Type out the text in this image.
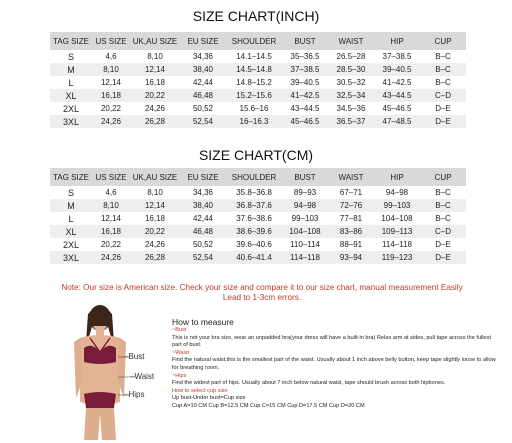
SIZE CHART(INCH)
TAG SIZE	US SIZE	UK,AU SIZE	EU SIZE	SHOULDER	BUST	WAIST	HIP	CUP
S	4,6	8,10	34,36	14.1–14.5	35–36.5	26.5–28	37–38.5	B–C
M	8,10	12,14	38,40	14.5–14.8	37–38.5	28.5–30	39–40.5	B–C
L	12,14	16,18	42,44	14.8–15.2	39–40.5	30.5–32	41–42.5	B–C
XL	16,18	20,22	46,48	15.2–15.6	41–42.5	32.5–34	43–44.5	C–D
2XL	20,22	24,26	50,52	15.6–16	43–44.5	34.5–36	45–46.5	D–E
3XL	24,26	26,28	52,54	16–16.3	45–46.5	36.5–37	47–48.5	D–E
SIZE CHART(CM)
TAG SIZE	US SIZE	UK,AU SIZE	EU SIZE	SHOULDER	BUST	WAIST	HIP	CUP
S	4,6	8,10	34,36	35.8–36.8	89–93	67–71	94–98	B–C
M	8,10	12,14	38,40	36.8–37.6	94–98	72–76	99–103	B–C
L	12,14	16,18	42,44	37.6–38.6	99–103	77–81	104–108	B–C
XL	16,18	20,22	46,48	38.6–39.6	104–108	83–86	109–113	C–D
2XL	20,22	24,26	50,52	39.6–40.6	110–114	88–91	114–118	D–E
3XL	24,26	26,28	52,54	40.6–41.4	114–118	93–94	119–123	D–E
Note: Our size is American size. Check your size and compare it to our size chart, manual measurement Easily Lead to 1-3cm errors.
–Bust
–Waist
–Hips

How to measure

~Bust

This is not your bra size, wear an unpadded bra(your dress will have a built-in bra) Relax arm at sides, pull tape across the fullest part of bust.

~Waist

Find the natural waist,this is the smallest part of the waist. Usually about 1 inch above belly button, keep tape slightly loose to allow for breathing room.

~Hips

Find the widest part of hips. Usually about 7 inch below natural waist, tape should brush across both hipbones.

How to select cup size

Up bust-Under bust=Cup size

Cup A=10 CM Cup B=12.5 CM Cup C=15 CM Cup D=17.5 CM Cup D=20 CM
